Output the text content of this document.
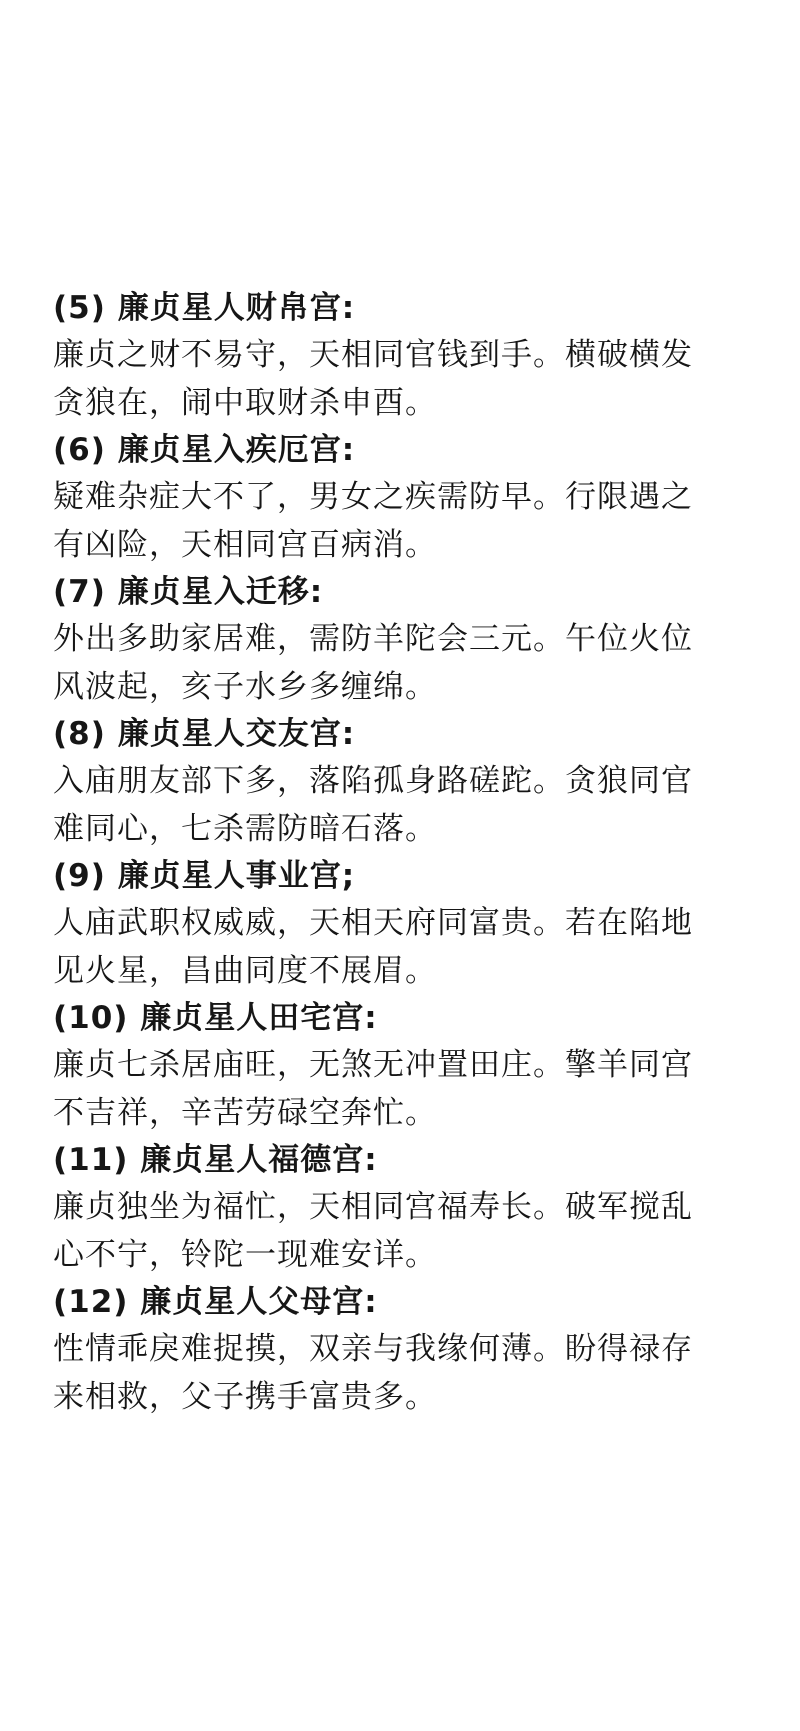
(5) 廉贞星人财帛宫:
廉贞之财不易守，天相同官钱到手。横破横发
贪狼在，闹中取财杀申酉。
(6) 廉贞星入疾厄宫:
疑难杂症大不了，男女之疾需防早。行限遇之
有凶险，天相同宫百病消。
(7) 廉贞星入迁移:
外出多助家居难，需防羊陀会三元。午位火位
风波起，亥子水乡多缠绵。
(8) 廉贞星人交友宫:
入庙朋友部下多，落陷孤身路磋跎。贪狼同官
难同心，七杀需防暗石落。
(9) 廉贞星人事业宫;
人庙武职权威威，天相天府同富贵。若在陷地
见火星，昌曲同度不展眉。
(10) 廉贞星人田宅宫:
廉贞七杀居庙旺，无煞无冲置田庄。擎羊同宫
不吉祥，辛苦劳碌空奔忙。
(11) 廉贞星人福德宫:
廉贞独坐为福忙，天相同宫福寿长。破军搅乱
心不宁，铃陀一现难安详。
(12) 廉贞星人父母宫:
性情乖戾难捉摸，双亲与我缘何薄。盼得禄存
来相救，父子携手富贵多。
